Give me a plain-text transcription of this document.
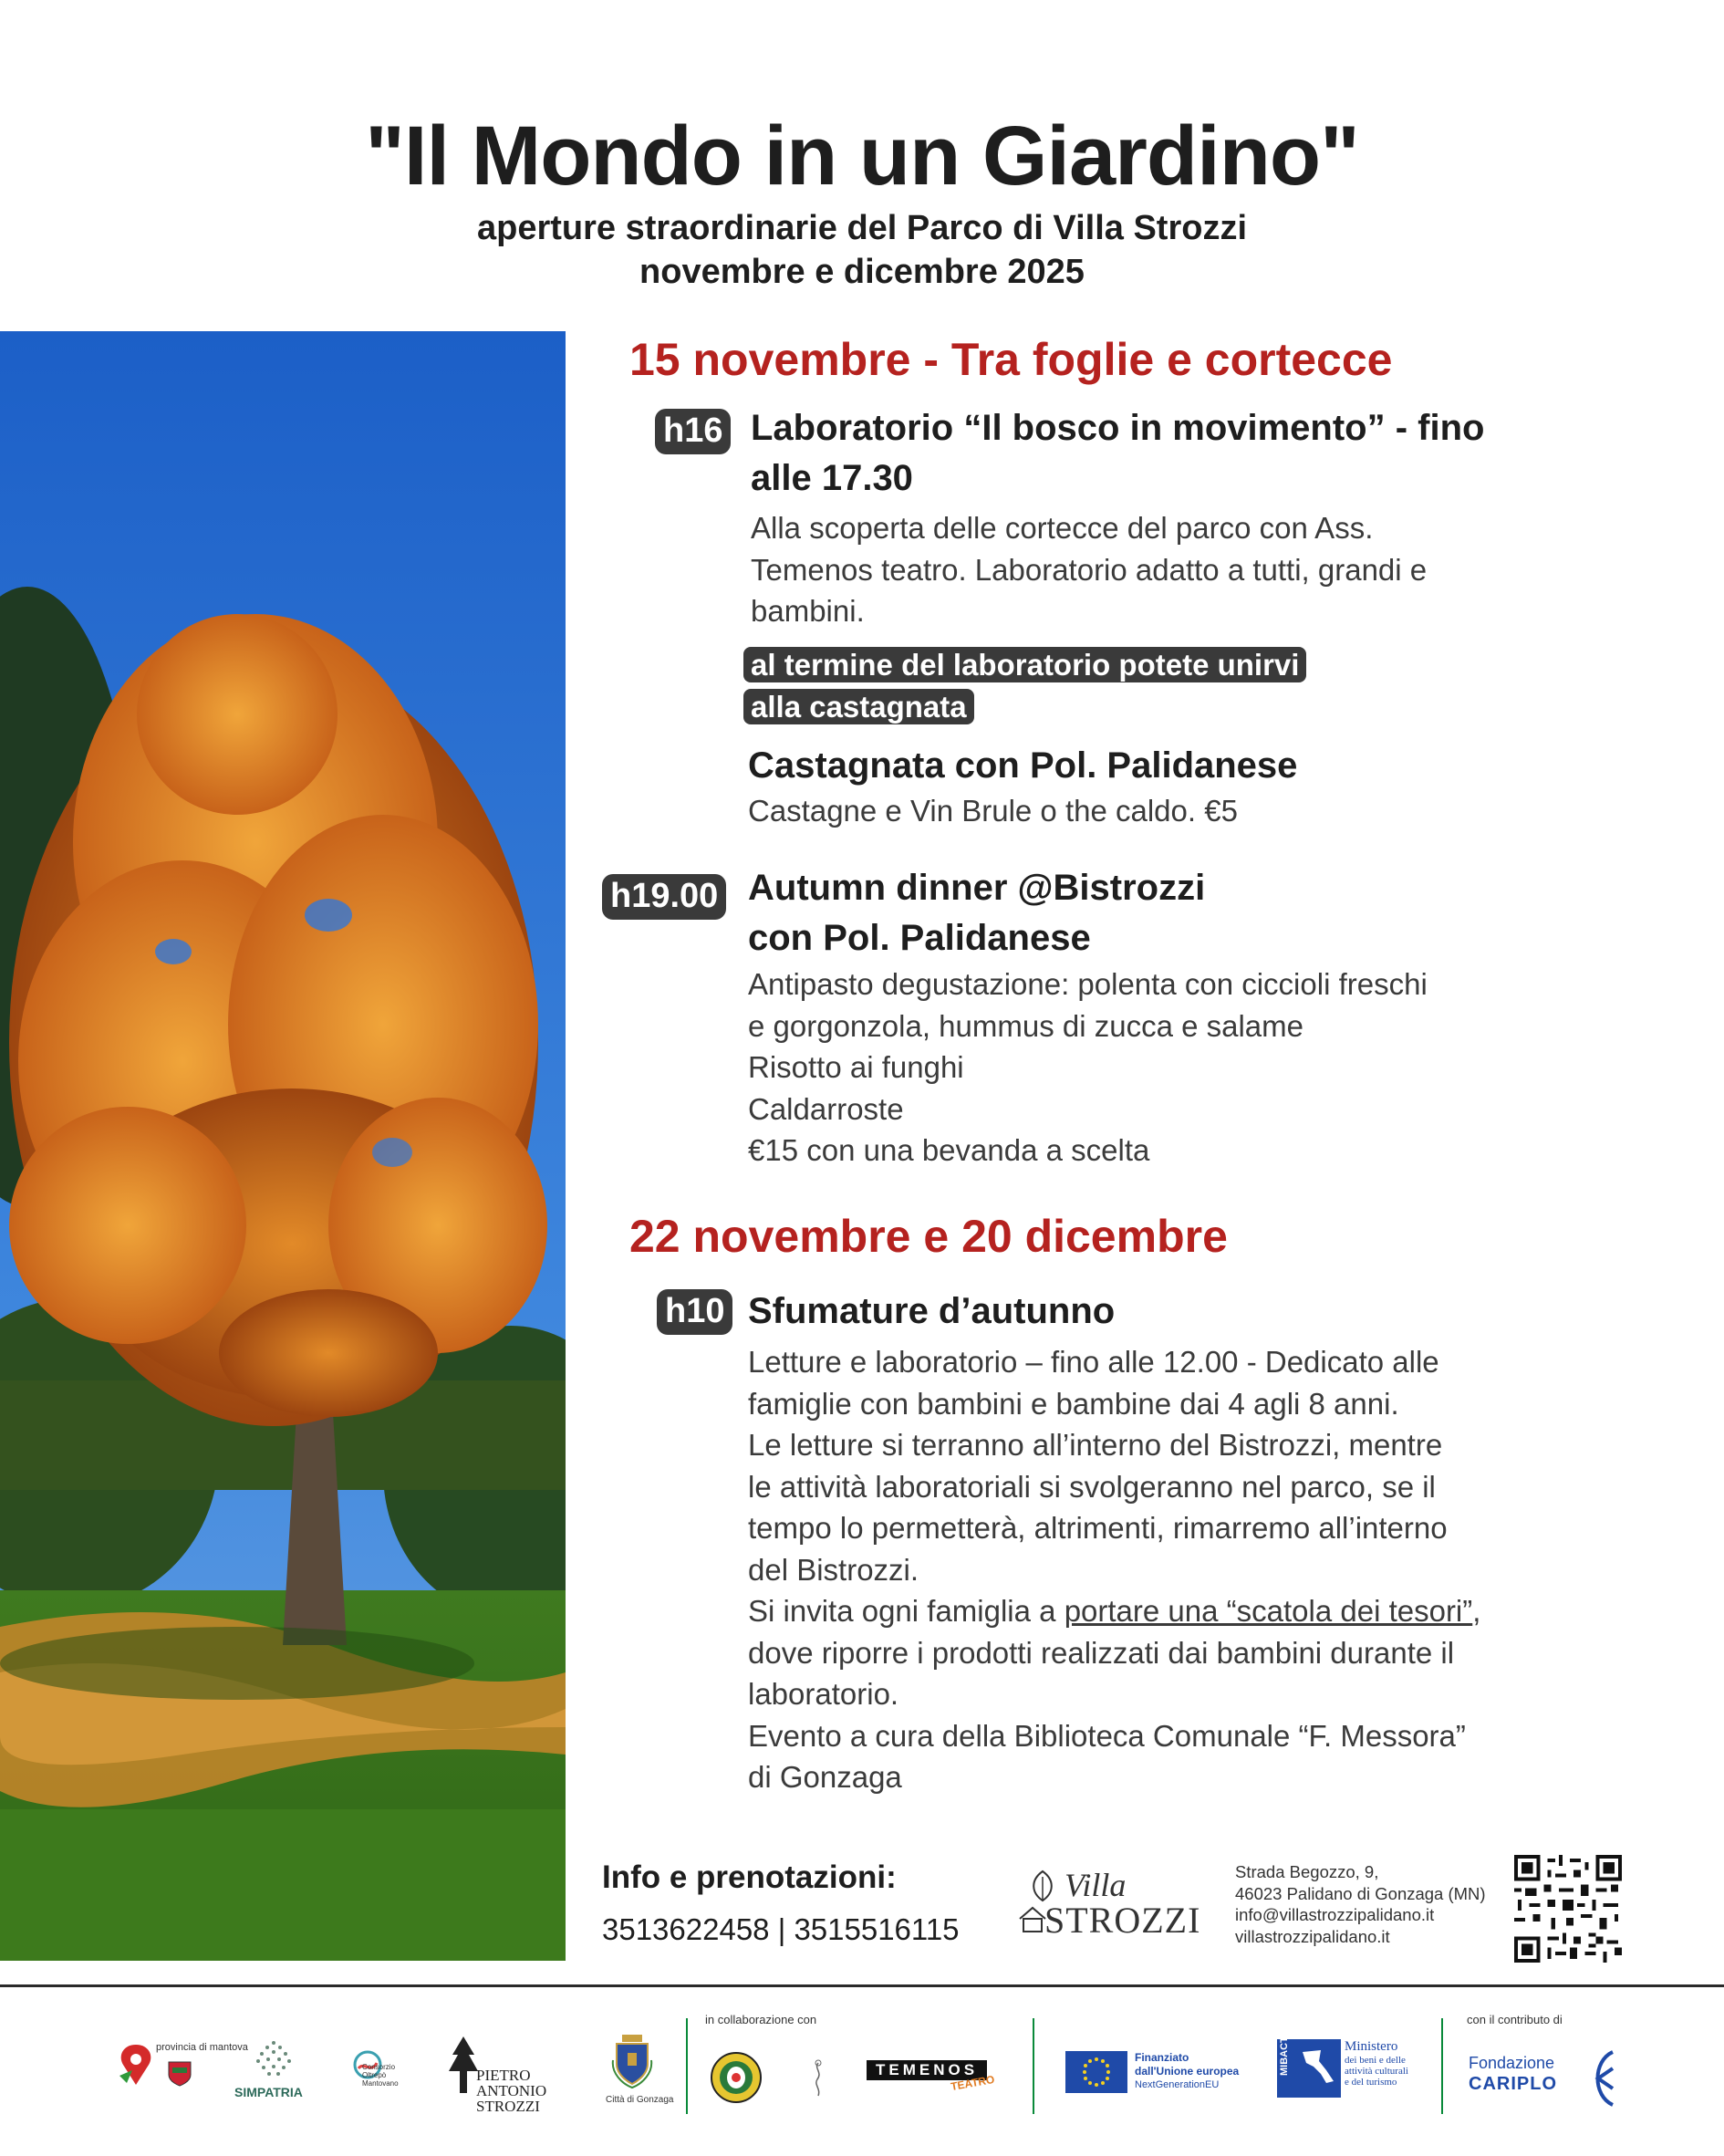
"Il Mondo in un Giardino"
aperture straordinarie del Parco di Villa Strozzi
novembre e dicembre 2025
15 novembre - Tra foglie e cortecce
h16 Laboratorio “Il bosco in movimento” - fino
alle 17.30

Alla scoperta delle cortecce del parco con Ass.

Temenos teatro. Laboratorio adatto a tutti, grandi e

bambini.

al termine del laboratorio potete unirvi
alla castagnata
Castagnata con Pol. Palidanese
Castagne e Vin Brule o the caldo. €5
h19.00 Autumn dinner @Bistrozzi
con Pol. Palidanese

Antipasto degustazione: polenta con ciccioli freschi

e gorgonzola, hummus di zucca e salame

Risotto ai funghi

Caldarroste

€15 con una bevanda a scelta

22 novembre e 20 dicembre
h10 Sfumature d’autunno

Letture e laboratorio – fino alle 12.00 - Dedicato alle

famiglie con bambini e bambine dai 4 agli 8 anni.

Le letture si terranno all’interno del Bistrozzi, mentre

le attività laboratoriali si svolgeranno nel parco, se il

tempo lo permetterà, altrimenti, rimarremo all’interno

del Bistrozzi.

Si invita ogni famiglia a portare una “scatola dei tesori”,

dove riporre i prodotti realizzati dai bambini durante il

laboratorio.

Evento a cura della Biblioteca Comunale “F. Messora”

di Gonzaga

Info e prenotazioni:
3513622458 | 3515516115
Villa
STROZZI
Strada Begozzo, 9,
46023 Palidano di Gonzaga (MN)
info@villastrozzipalidano.it
villastrozzipalidano.it
provincia di mantova
SIMPATRIA
Consorzio Oltrepò Mantovano	PIETRO ANTONIO STROZZI	Città di Gonzaga
in collaborazione con
TEMENOS
TEATRO
Finanziato
dall'Unione europea
NextGenerationEU
MIBACT	Ministero
dei beni e delle
attività culturali
e del turismo
con il contributo di
Fondazione
CARIPLO
